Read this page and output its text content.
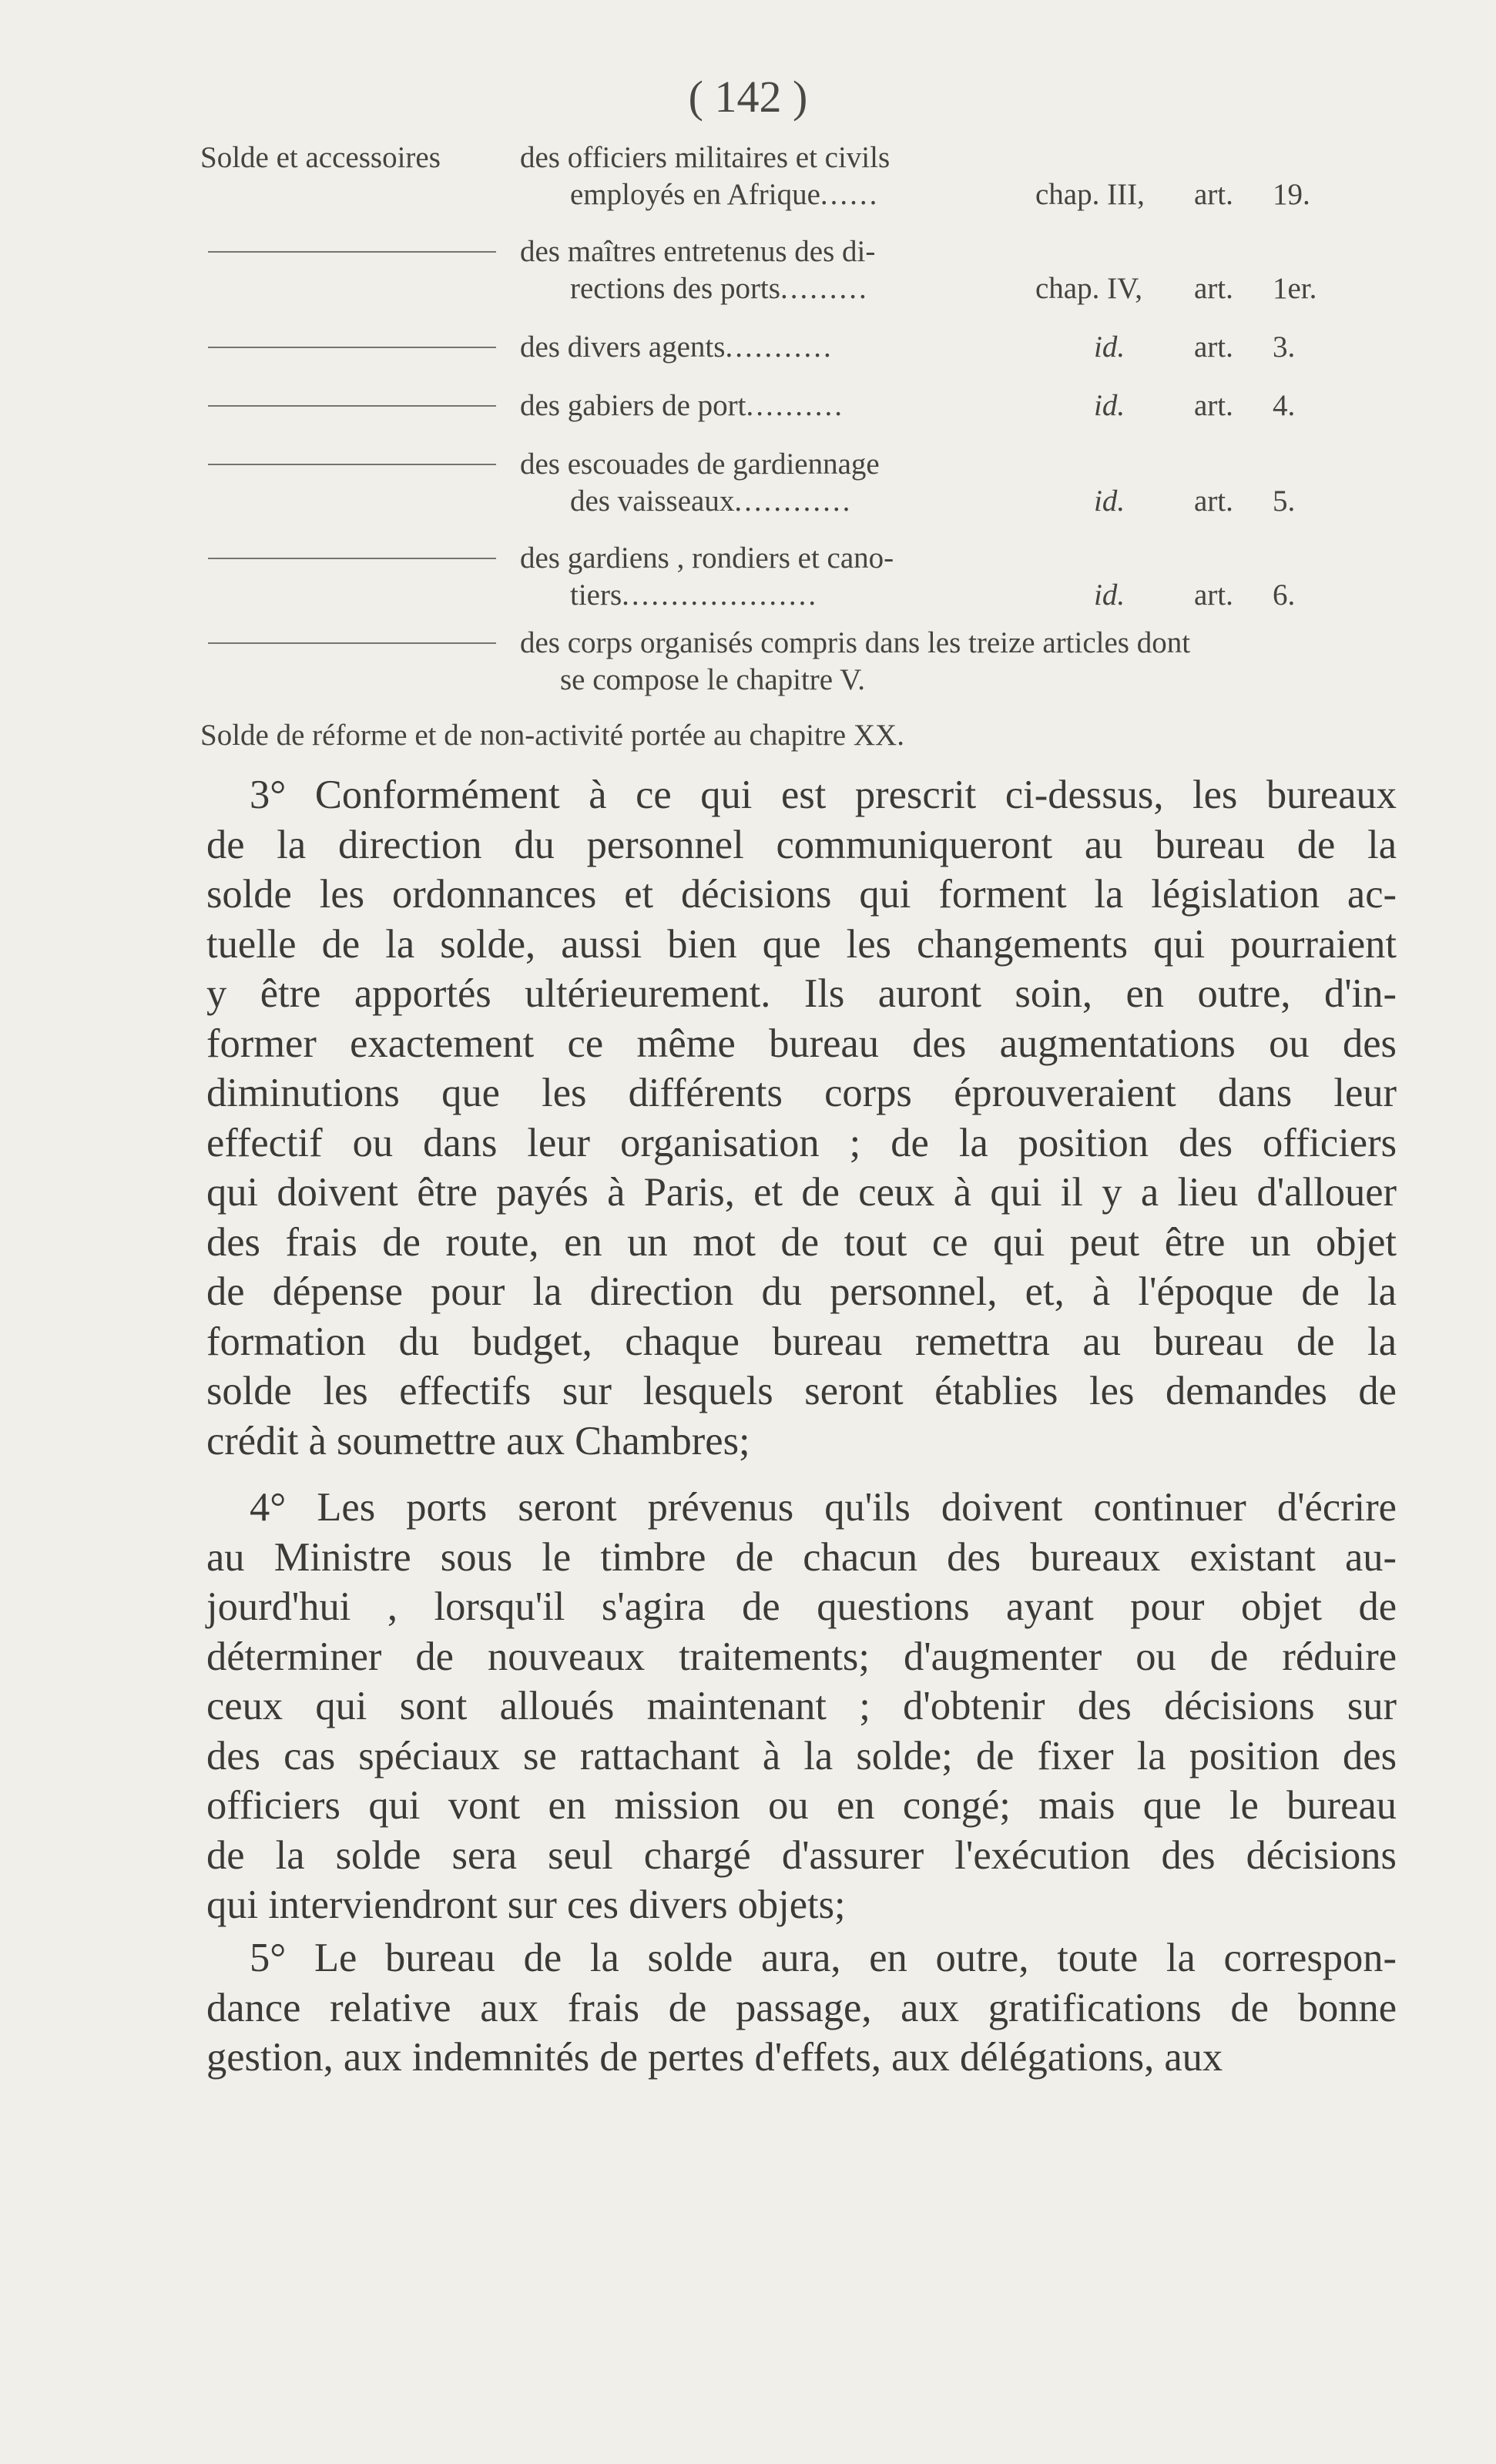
( 142 )
Solde et accessoires	des officiers militaires et civils
employés en Afrique......	chap. III, art. 19.
des maîtres entretenus des di-
rections des ports.........	chap. IV, art. 1er.
des divers agents...........	id. art. 3.
des gabiers de port..........	id. art. 4.
des escouades de gardiennage
des vaisseaux............	id. art. 5.
des gardiens , rondiers et cano-
tiers....................	id. art. 6.
des corps organisés compris dans les treize articles dont
se compose le chapitre V.
Solde de réforme et de non-activité portée au chapitre XX.
3° Conformément à ce qui est prescrit ci-dessus, les bureaux
de la direction du personnel communiqueront au bureau de la
solde les ordonnances et décisions qui forment la législation ac-
tuelle de la solde, aussi bien que les changements qui pourraient
y être apportés ultérieurement. Ils auront soin, en outre, d'in-
former exactement ce même bureau des augmentations ou des
diminutions que les différents corps éprouveraient dans leur
effectif ou dans leur organisation ; de la position des officiers
qui doivent être payés à Paris, et de ceux à qui il y a lieu d'allouer
des frais de route, en un mot de tout ce qui peut être un objet
de dépense pour la direction du personnel, et, à l'époque de la
formation du budget, chaque bureau remettra au bureau de la
solde les effectifs sur lesquels seront établies les demandes de
crédit à soumettre aux Chambres;
4° Les ports seront prévenus qu'ils doivent continuer d'écrire
au Ministre sous le timbre de chacun des bureaux existant au-
jourd'hui , lorsqu'il s'agira de questions ayant pour objet de
déterminer de nouveaux traitements; d'augmenter ou de réduire
ceux qui sont alloués maintenant ; d'obtenir des décisions sur
des cas spéciaux se rattachant à la solde; de fixer la position des
officiers qui vont en mission ou en congé; mais que le bureau
de la solde sera seul chargé d'assurer l'exécution des décisions
qui interviendront sur ces divers objets;
5° Le bureau de la solde aura, en outre, toute la correspon-
dance relative aux frais de passage, aux gratifications de bonne
gestion, aux indemnités de pertes d'effets, aux délégations, aux
